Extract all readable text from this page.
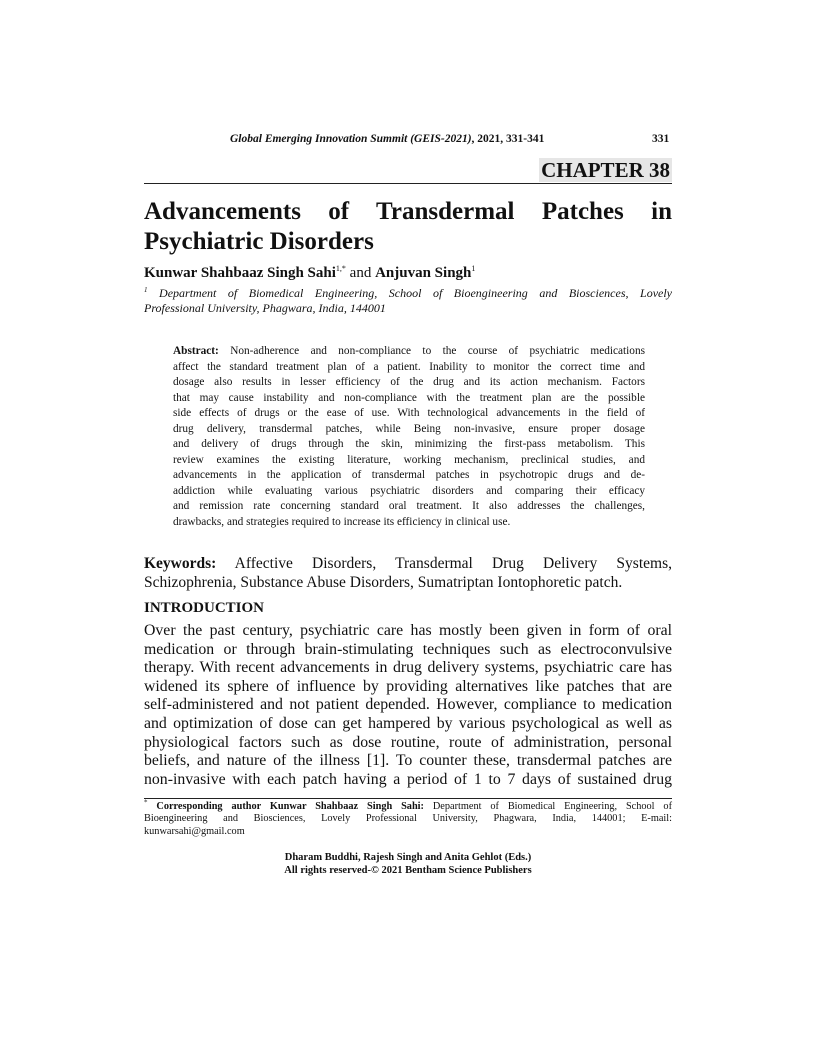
Global Emerging Innovation Summit (GEIS-2021), 2021, 331-341	331
CHAPTER 38
Advancements of Transdermal Patches in
Psychiatric Disorders
Kunwar Shahbaaz Singh Sahi$^{1,*}$ and Anjuvan Singh$^1$
$^1$ Department of Biomedical Engineering, School of Bioengineering and Biosciences, Lovely
Professional University, Phagwara, India, 144001
Abstract: Non-adherence and non-compliance to the course of psychiatric medications
affect the standard treatment plan of a patient. Inability to monitor the correct time and
dosage also results in lesser efficiency of the drug and its action mechanism. Factors
that may cause instability and non-compliance with the treatment plan are the possible
side effects of drugs or the ease of use. With technological advancements in the field of
drug delivery, transdermal patches, while Being non-invasive, ensure proper dosage
and delivery of drugs through the skin, minimizing the first-pass metabolism. This
review examines the existing literature, working mechanism, preclinical studies, and
advancements in the application of transdermal patches in psychotropic drugs and de-
addiction while evaluating various psychiatric disorders and comparing their efficacy
and remission rate concerning standard oral treatment. It also addresses the challenges,
drawbacks, and strategies required to increase its efficiency in clinical use.
Keywords: Affective Disorders, Transdermal Drug Delivery Systems,
Schizophrenia, Substance Abuse Disorders, Sumatriptan Iontophoretic patch.
INTRODUCTION
Over the past century, psychiatric care has mostly been given in form of oral
medication or through brain-stimulating techniques such as electroconvulsive
therapy. With recent advancements in drug delivery systems, psychiatric care has
widened its sphere of influence by providing alternatives like patches that are
self-administered and not patient depended. However, compliance to medication
and optimization of dose can get hampered by various psychological as well as
physiological factors such as dose routine, route of administration, personal
beliefs, and nature of the illness [1]. To counter these, transdermal patches are
non-invasive with each patch having a period of 1 to 7 days of sustained drug
* Corresponding author Kunwar Shahbaaz Singh Sahi: Department of Biomedical Engineering, School of
Bioengineering and Biosciences, Lovely Professional University, Phagwara, India, 144001; E-mail:
kunwarsahi@gmail.com
Dharam Buddhi, Rajesh Singh and Anita Gehlot (Eds.)
All rights reserved-© 2021 Bentham Science Publishers
